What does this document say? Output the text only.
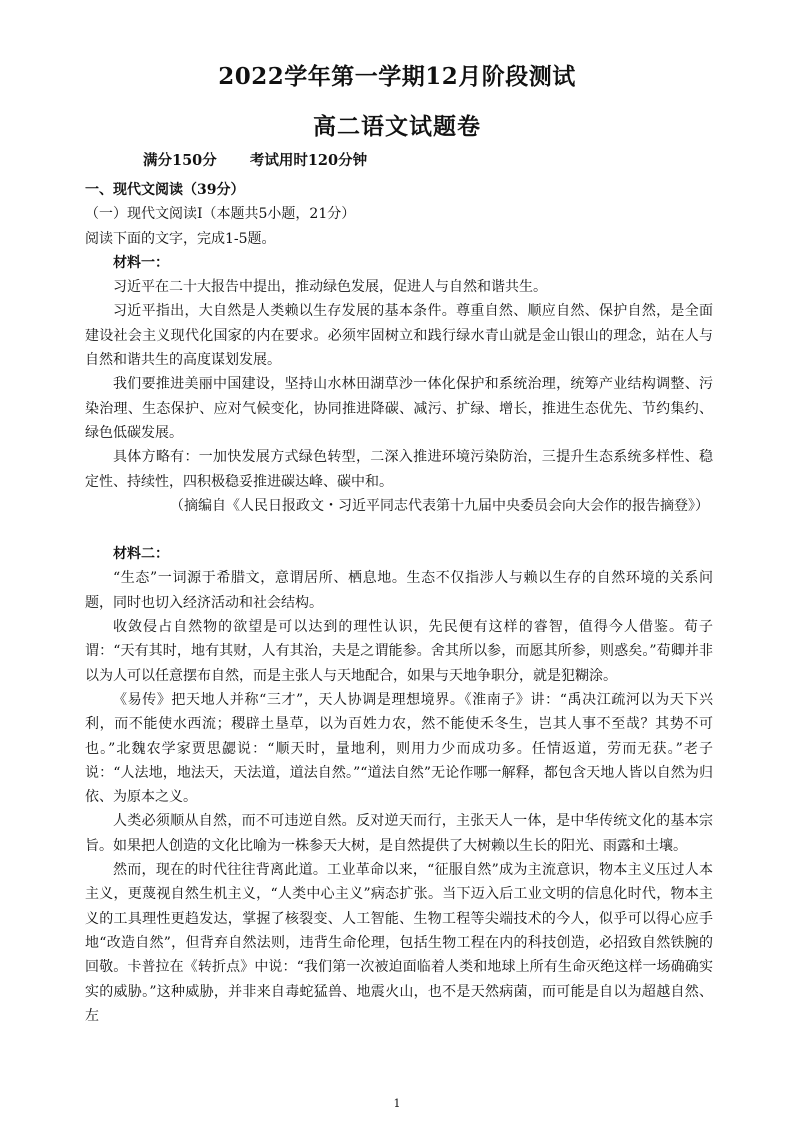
2022学年第一学期12月阶段测试
高二语文试题卷
满分150分 考试用时120分钟
一、现代文阅读（39分）
（一）现代文阅读Ⅰ（本题共5小题，21分）
阅读下面的文字，完成1-5题。
材料一：
习近平在二十大报告中提出，推动绿色发展，促进人与自然和谐共生。
习近平指出，大自然是人类赖以生存发展的基本条件。尊重自然、顺应自然、保护自然，是全面建设社会主义现代化国家的内在要求。必须牢固树立和践行绿水青山就是金山银山的理念，站在人与自然和谐共生的高度谋划发展。
我们要推进美丽中国建设，坚持山水林田湖草沙一体化保护和系统治理，统筹产业结构调整、污染治理、生态保护、应对气候变化，协同推进降碳、减污、扩绿、增长，推进生态优先、节约集约、绿色低碳发展。
具体方略有：一加快发展方式绿色转型，二深入推进环境污染防治，三提升生态系统多样性、稳定性、持续性，四积极稳妥推进碳达峰、碳中和。
（摘编自《人民日报政文・习近平同志代表第十九届中央委员会向大会作的报告摘登》）
材料二：
“生态”一词源于希腊文，意谓居所、栖息地。生态不仅指涉人与赖以生存的自然环境的关系问题，同时也切入经济活动和社会结构。
收敛侵占自然物的欲望是可以达到的理性认识，先民便有这样的睿智，值得今人借鉴。荀子谓：“天有其时，地有其财，人有其治，夫是之谓能参。舍其所以参，而愿其所参，则惑矣。”荀卿并非以为人可以任意摆布自然，而是主张人与天地配合，如果与天地争职分，就是犯糊涂。
《易传》把天地人并称“三才”，天人协调是理想境界。《淮南子》讲：“禹决江疏河以为天下兴利，而不能使水西流；稷辟土垦草，以为百姓力农，然不能使禾冬生，岂其人事不至哉？其势不可也。”北魏农学家贾思勰说：“顺天时，量地利，则用力少而成功多。任情返道，劳而无获。”老子说：“人法地，地法天，天法道，道法自然。”“道法自然”无论作哪一解释，都包含天地人皆以自然为归依、为原本之义。
人类必须顺从自然，而不可违逆自然。反对逆天而行，主张天人一体，是中华传统文化的基本宗旨。如果把人创造的文化比喻为一株参天大树，是自然提供了大树赖以生长的阳光、雨露和土壤。
然而，现在的时代往往背离此道。工业革命以来，“征服自然”成为主流意识，物本主义压过人本主义，更蔑视自然生机主义，“人类中心主义”病态扩张。当下迈入后工业文明的信息化时代，物本主义的工具理性更趋发达，掌握了核裂变、人工智能、生物工程等尖端技术的今人，似乎可以得心应手地“改造自然”，但背弃自然法则，违背生命伦理，包括生物工程在内的科技创造，必招致自然铁腕的回敬。卡普拉在《转折点》中说：“我们第一次被迫面临着人类和地球上所有生命灭绝这样一场确确实实的威胁。”这种威胁，并非来自毒蛇猛兽、地震火山，也不是天然病菌，而可能是自以为超越自然、左
1
